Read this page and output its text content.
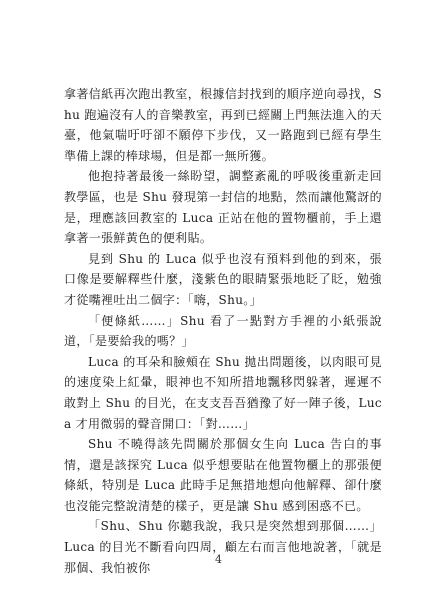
拿著信紙再次跑出教室，根據信封找到的順序逆向尋找，Shu 跑遍沒有人的音樂教室，再到已經關上門無法進入的天臺，他氣喘吁吁卻不願停下步伐，又一路跑到已經有學生準備上課的棒球場，但是都一無所獲。

他抱持著最後一絲盼望，調整紊亂的呼吸後重新走回教學區，也是 Shu 發現第一封信的地點，然而讓他驚訝的是，理應該回教室的 Luca 正站在他的置物櫃前，手上還拿著一張鮮黃色的便利貼。

見到 Shu 的 Luca 似乎也沒有預料到他的到來，張口像是要解釋些什麼，淺紫色的眼睛緊張地眨了眨，勉強才從嘴裡吐出二個字：「嗨，Shu。」

「便條紙……」Shu 看了一點對方手裡的小紙張說道，「是要給我的嗎？」

Luca 的耳朵和臉頰在 Shu 拋出問題後，以肉眼可見的速度染上紅暈，眼神也不知所措地飄移閃躲著，遲遲不敢對上 Shu 的目光，在支支吾吾猶豫了好一陣子後，Luca 才用微弱的聲音開口：「對……」

Shu 不曉得該先問關於那個女生向 Luca 告白的事情，還是該探究 Luca 似乎想要貼在他置物櫃上的那張便條紙，特別是 Luca 此時手足無措地想向他解釋、卻什麼也沒能完整說清楚的樣子，更是讓 Shu 感到困惑不已。

「Shu、Shu 你聽我說，我只是突然想到那個……」Luca 的目光不斷看向四周，顧左右而言他地說著，「就是那個、我怕被你

4
